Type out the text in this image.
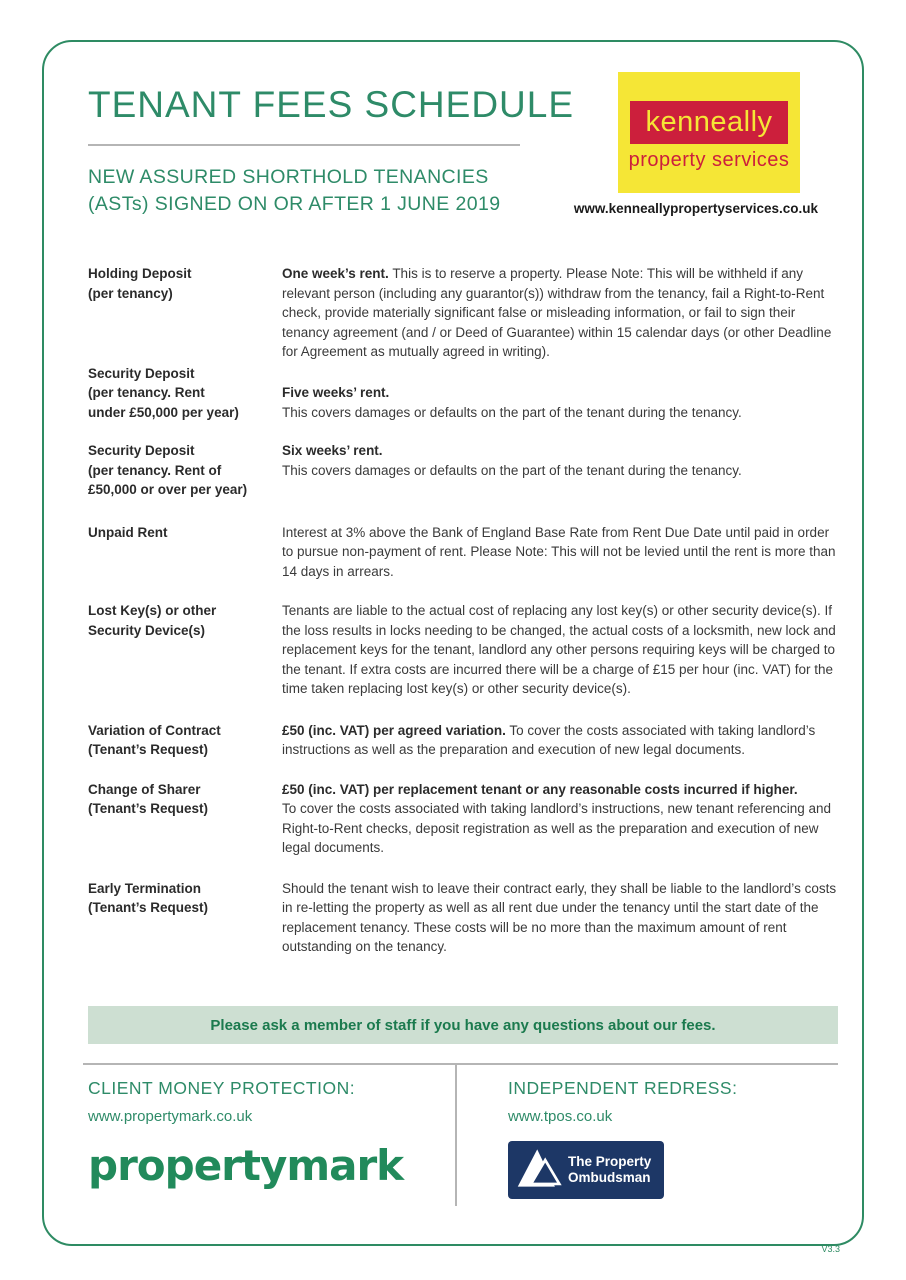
TENANT FEES SCHEDULE
NEW ASSURED SHORTHOLD TENANCIES
(ASTs) SIGNED ON OR AFTER 1 JUNE 2019
kenneally
property services
www.kenneallypropertyservices.co.uk
Holding Deposit
(per tenancy)
One week’s rent. This is to reserve a property. Please Note: This will be withheld if any relevant person (including any guarantor(s)) withdraw from the tenancy, fail a Right-to-Rent check, provide materially significant false or misleading information, or fail to sign their tenancy agreement (and / or Deed of Guarantee) within 15 calendar days (or other Deadline for Agreement as mutually agreed in writing).
Security Deposit
(per tenancy. Rent
under £50,000 per year)
Five weeks’ rent.
This covers damages or defaults on the part of the tenant during the tenancy.
Security Deposit
(per tenancy. Rent of
£50,000 or over per year)
Six weeks’ rent.
This covers damages or defaults on the part of the tenant during the tenancy.
Unpaid Rent	Interest at 3% above the Bank of England Base Rate from Rent Due Date until paid in order to pursue non-payment of rent. Please Note: This will not be levied until the rent is more than 14 days in arrears.
Lost Key(s) or other
Security Device(s)
Tenants are liable to the actual cost of replacing any lost key(s) or other security device(s). If the loss results in locks needing to be changed, the actual costs of a locksmith, new lock and replacement keys for the tenant, landlord any other persons requiring keys will be charged to the tenant. If extra costs are incurred there will be a charge of £15 per hour (inc. VAT) for the time taken replacing lost key(s) or other security device(s).
Variation of Contract
(Tenant’s Request)
£50 (inc. VAT) per agreed variation. To cover the costs associated with taking landlord’s instructions as well as the preparation and execution of new legal documents.
Change of Sharer
(Tenant’s Request)
£50 (inc. VAT) per replacement tenant or any reasonable costs incurred if higher.
To cover the costs associated with taking landlord’s instructions, new tenant referencing and Right-to-Rent checks, deposit registration as well as the preparation and execution of new legal documents.
Early Termination
(Tenant’s Request)
Should the tenant wish to leave their contract early, they shall be liable to the landlord’s costs in re-letting the property as well as all rent due under the tenancy until the start date of the replacement tenancy. These costs will be no more than the maximum amount of rent outstanding on the tenancy.
Please ask a member of staff if you have any questions about our fees.
CLIENT MONEY PROTECTION:
www.propertymark.co.uk
propertymark
INDEPENDENT REDRESS:
www.tpos.co.uk
The Property
Ombudsman
V3.3
